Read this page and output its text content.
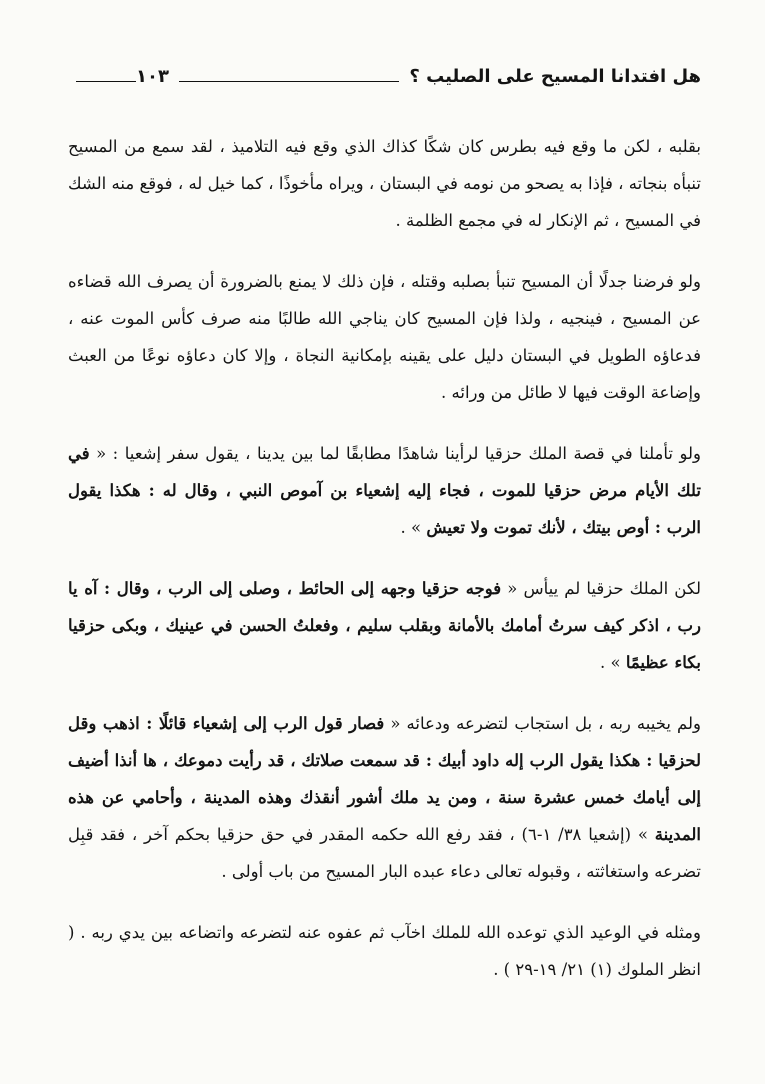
هل افتدانا المسيح على الصليب ؟
١٠٣

بقلبه ، لكن ما وقع فيه بطرس كان شكًا كذاك الذي وقع فيه التلاميذ ، لقد سمع من المسيح تنبأه بنجاته ، فإذا به يصحو من نومه في البستان ، ويراه مأخوذًا ، كما خيل له ، فوقع منه الشك في المسيح ، ثم الإنكار له في مجمع الظلمة .

ولو فرضنا جدلًا أن المسيح تنبأ بصلبه وقتله ، فإن ذلك لا يمنع بالضرورة أن يصرف الله قضاءه عن المسيح ، فينجيه ، ولذا فإن المسيح كان يناجي الله طالبًا منه صرف كأس الموت عنه ، فدعاؤه الطويل في البستان دليل على يقينه بإمكانية النجاة ، وإلا كان دعاؤه نوعًا من العبث وإضاعة الوقت فيها لا طائل من ورائه .

ولو تأملنا في قصة الملك حزقيا لرأينا شاهدًا مطابقًا لما بين يدينا ، يقول سفر إشعيا : « في تلك الأيام مرض حزقيا للموت ، فجاء إليه إشعياء بن آموص النبي ، وقال له : هكذا يقول الرب : أوص بيتك ، لأنك تموت ولا تعيش » .

لكن الملك حزقيا لم ييأس « فوجه حزقيا وجهه إلى الحائط ، وصلى إلى الرب ، وقال : آه يا رب ، اذكر كيف سرتُ أمامك بالأمانة وبقلب سليم ، وفعلتُ الحسن في عينيك ، وبكى حزقيا بكاء عظيمًا » .

ولم يخيبه ربه ، بل استجاب لتضرعه ودعائه « فصار قول الرب إلى إشعياء قائلًا : اذهب وقل لحزقيا : هكذا يقول الرب إله داود أبيك : قد سمعت صلاتك ، قد رأيت دموعك ، ها أنذا أضيف إلى أيامك خمس عشرة سنة ، ومن يد ملك أشور أنقذك وهذه المدينة ، وأحامي عن هذه المدينة » (إشعيا ٣٨/ ١-٦) ، فقد رفع الله حكمه المقدر في حق حزقيا بحكم آخر ، فقد قبِل تضرعه واستغاثته ، وقبوله تعالى دعاء عبده البار المسيح من باب أولى .

ومثله في الوعيد الذي توعده الله للملك اخآب ثم عفوه عنه لتضرعه واتضاعه بين يدي ربه . ( انظر الملوك (١) ٢١/ ١٩-٢٩ ) .
